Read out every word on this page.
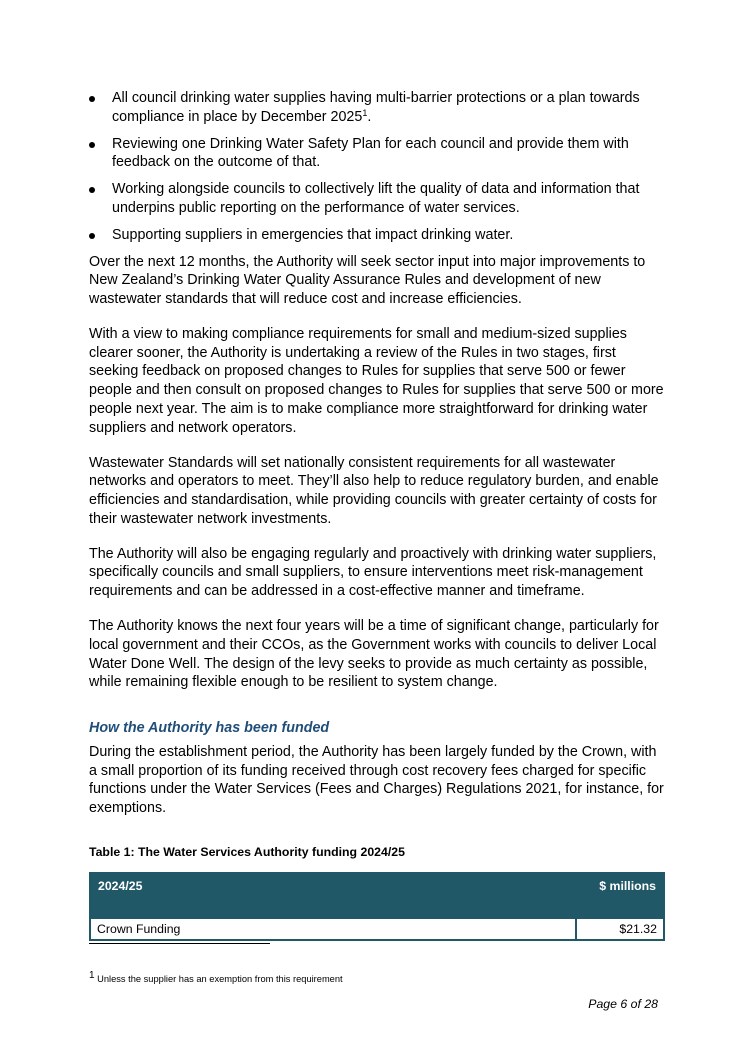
All council drinking water supplies having multi-barrier protections or a plan towards compliance in place by December 2025$^1$.
Reviewing one Drinking Water Safety Plan for each council and provide them with feedback on the outcome of that.
Working alongside councils to collectively lift the quality of data and information that underpins public reporting on the performance of water services.
Supporting suppliers in emergencies that impact drinking water.

Over the next 12 months, the Authority will seek sector input into major improvements to New Zealand’s Drinking Water Quality Assurance Rules and development of new wastewater standards that will reduce cost and increase efficiencies.

With a view to making compliance requirements for small and medium-sized supplies clearer sooner, the Authority is undertaking a review of the Rules in two stages, first seeking feedback on proposed changes to Rules for supplies that serve 500 or fewer people and then consult on proposed changes to Rules for supplies that serve 500 or more people next year. The aim is to make compliance more straightforward for drinking water suppliers and network operators.

Wastewater Standards will set nationally consistent requirements for all wastewater networks and operators to meet. They’ll also help to reduce regulatory burden, and enable efficiencies and standardisation, while providing councils with greater certainty of costs for their wastewater network investments.

The Authority will also be engaging regularly and proactively with drinking water suppliers, specifically councils and small suppliers, to ensure interventions meet risk-management requirements and can be addressed in a cost-effective manner and timeframe.

The Authority knows the next four years will be a time of significant change, particularly for local government and their CCOs, as the Government works with councils to deliver Local Water Done Well. The design of the levy seeks to provide as much certainty as possible, while remaining flexible enough to be resilient to system change.

How the Authority has been funded

During the establishment period, the Authority has been largely funded by the Crown, with a small proportion of its funding received through cost recovery fees charged for specific functions under the Water Services (Fees and Charges) Regulations 2021, for instance, for exemptions.

Table 1: The Water Services Authority funding 2024/25
2024/25	$ millions
Crown Funding	$21.32
$^1$ Unless the supplier has an exemption from this requirement
Page 6 of 28
